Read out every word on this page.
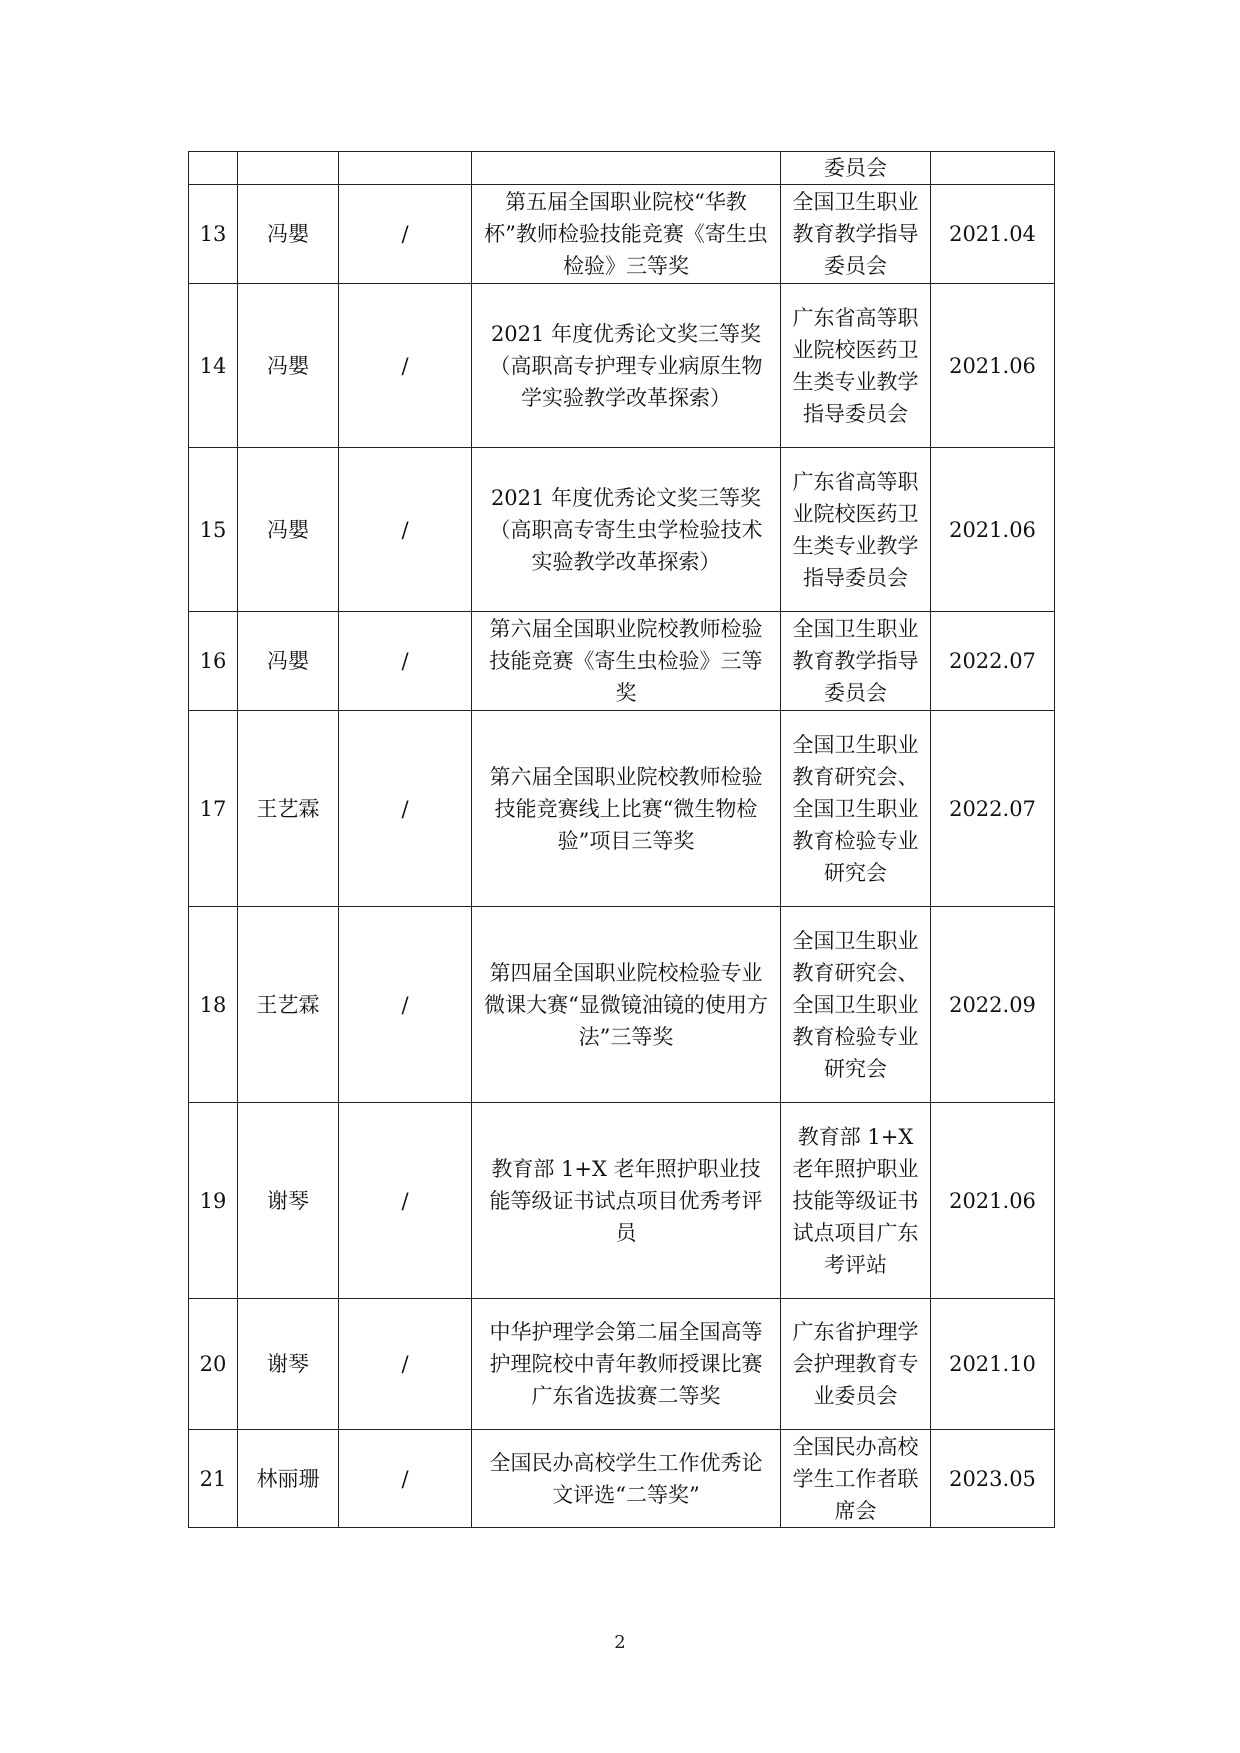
				委员会	
13	冯嬰	/	第五届全国职业院校“华教杯”教师检验技能竞赛《寄生虫检验》三等奖	全国卫生职业教育教学指导委员会	2021.04
14	冯嬰	/	2021 年度优秀论文奖三等奖（高职高专护理专业病原生物学实验教学改革探索）	广东省高等职业院校医药卫生类专业教学指导委员会	2021.06
15	冯嬰	/	2021 年度优秀论文奖三等奖（高职高专寄生虫学检验技术实验教学改革探索）	广东省高等职业院校医药卫生类专业教学指导委员会	2021.06
16	冯嬰	/	第六届全国职业院校教师检验技能竞赛《寄生虫检验》三等奖	全国卫生职业教育教学指导委员会	2022.07
17	王艺霖	/	第六届全国职业院校教师检验技能竞赛线上比赛“微生物检验”项目三等奖	全国卫生职业教育研究会、全国卫生职业教育检验专业研究会	2022.07
18	王艺霖	/	第四届全国职业院校检验专业微课大赛“显微镜油镜的使用方法”三等奖	全国卫生职业教育研究会、全国卫生职业教育检验专业研究会	2022.09
19	谢琴	/	教育部 1+X 老年照护职业技能等级证书试点项目优秀考评员	教育部 1+X 老年照护职业技能等级证书试点项目广东考评站	2021.06
20	谢琴	/	中华护理学会第二届全国高等护理院校中青年教师授课比赛广东省选拔赛二等奖	广东省护理学会护理教育专业委员会	2021.10
21	林丽珊	/	全国民办高校学生工作优秀论文评选“二等奖”	全国民办高校学生工作者联席会	2023.05
2
